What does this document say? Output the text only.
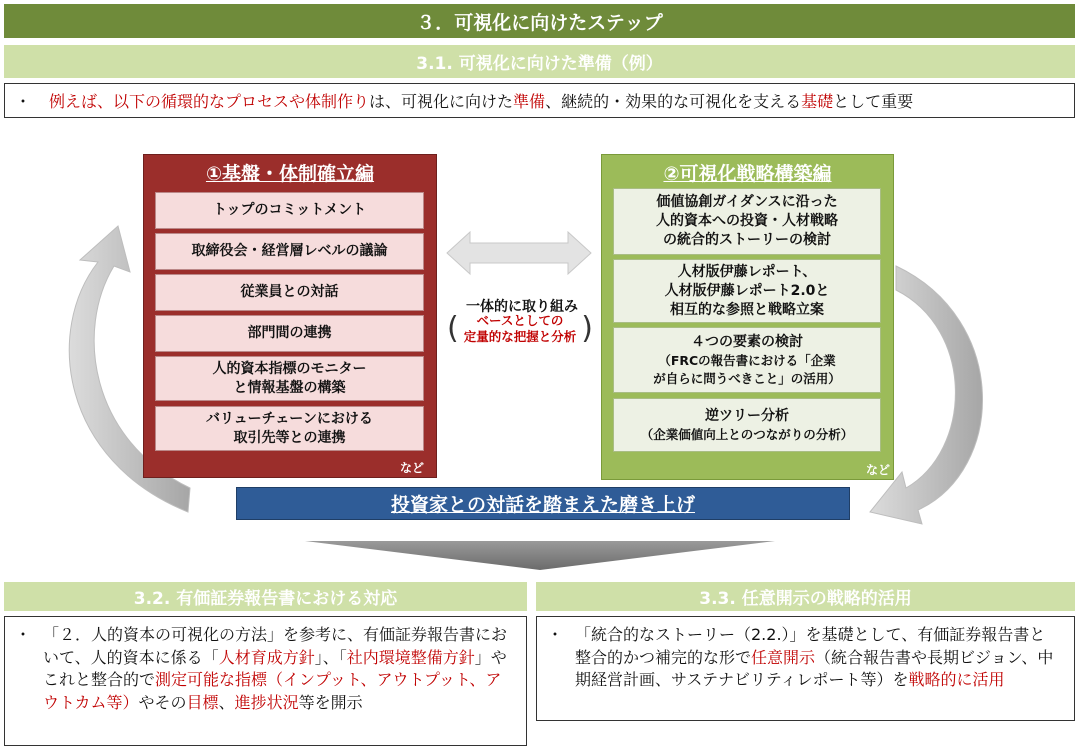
３．可視化に向けたステップ
3.1. 可視化に向けた準備（例）
・ 例えば、以下の循環的なプロセスや体制作り は、可視化に向けた 準備 、継続的・効果的な可視化を支える 基礎 として重要
①基盤・体制確立編
トップのコミットメント
取締役会・経営層レベルの議論
従業員との対話
部門間の連携
人的資本指標のモニター
と情報基盤の構築
バリューチェーンにおける
取引先等との連携
など
②可視化戦略構築編
価値協創ガイダンスに沿った
人的資本への投資・人材戦略
の統合的ストーリーの検討
人材版伊藤レポート、
人材版伊藤レポート2.0と
相互的な参照と戦略立案
４つの要素の検討
（FRCの報告書における「企業
が自らに問うべきこと」の活用）
逆ツリー分析
（企業価値向上とのつながりの分析）
など
一体的に取り組み
( ベースとしての
定量的な把握と分析 )
投資家との対話を踏まえた磨き上げ
3.2. 有価証券報告書における対応
・ 「２．人的資本の可視化の方法」を参考に、有価証券報告書において、人的資本に係る「人材育成方針」、「社内環境整備方針」やこれと整合的で測定可能な指標（インプット、アウトプット、アウトカム等）やその目標、進捗状況等を開示
3.3. 任意開示の戦略的活用
・ 「統合的なストーリー（2.2.）」を基礎として、有価証券報告書と整合的かつ補完的な形で任意開示（統合報告書や長期ビジョン、中期経営計画、サステナビリティレポート等）を戦略的に活用
